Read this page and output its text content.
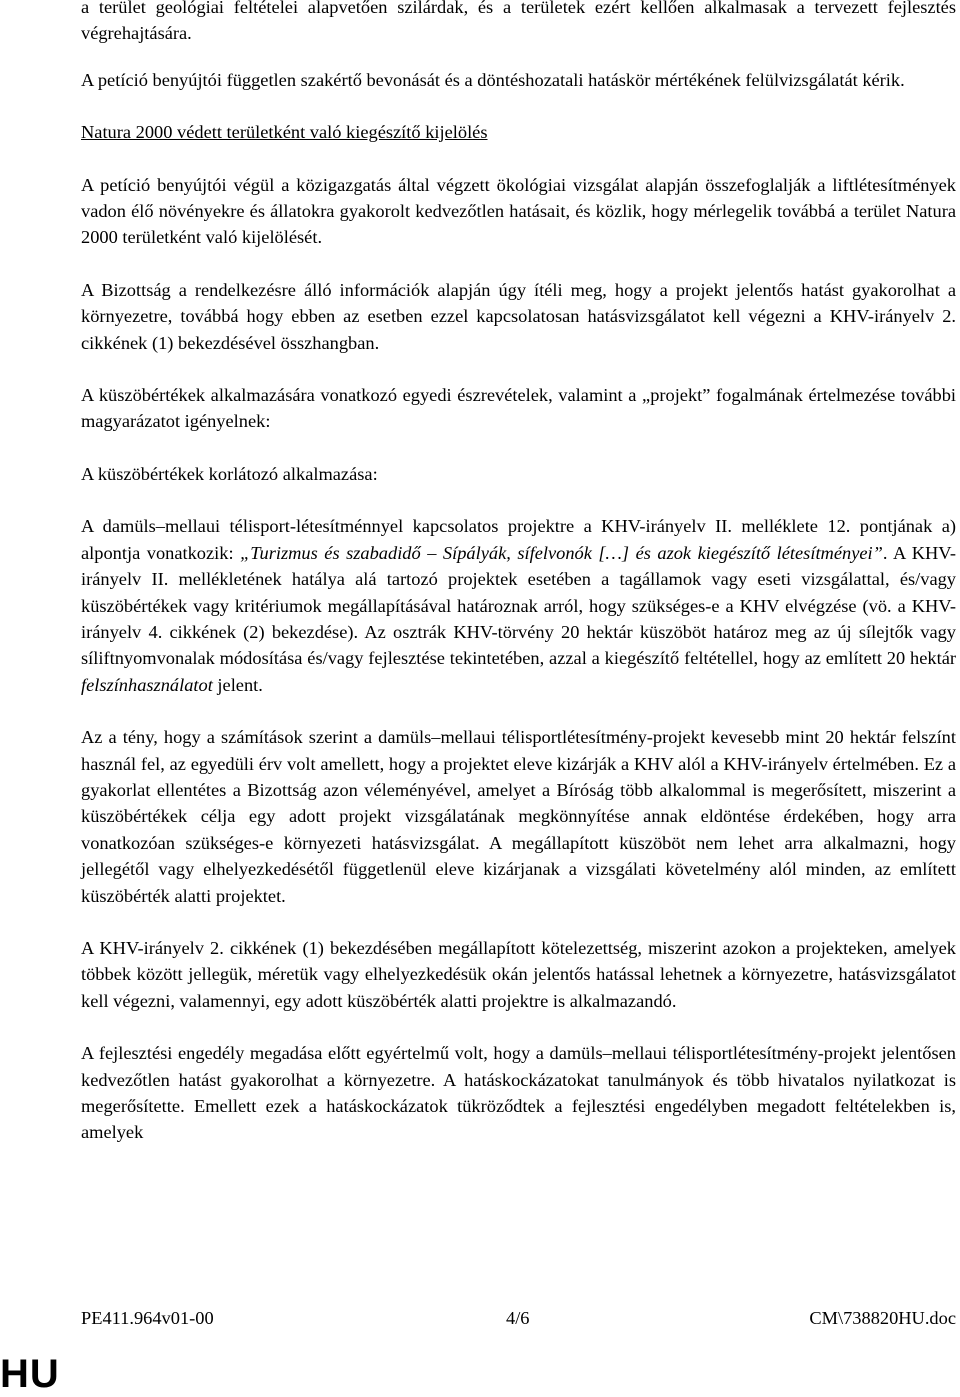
a terület geológiai feltételei alapvetően szilárdak, és a területek ezért kellően alkalmasak a tervezett fejlesztés végrehajtására.

A petíció benyújtói független szakértő bevonását és a döntéshozatali hatáskör mértékének felülvizsgálatát kérik.

Natura 2000 védett területként való kiegészítő kijelölés

A petíció benyújtói végül a közigazgatás által végzett ökológiai vizsgálat alapján összefoglalják a liftlétesítmények vadon élő növényekre és állatokra gyakorolt kedvezőtlen hatásait, és közlik, hogy mérlegelik továbbá a terület Natura 2000 területként való kijelölését.

A Bizottság a rendelkezésre álló információk alapján úgy ítéli meg, hogy a projekt jelentős hatást gyakorolhat a környezetre, továbbá hogy ebben az esetben ezzel kapcsolatosan hatásvizsgálatot kell végezni a KHV-irányelv 2. cikkének (1) bekezdésével összhangban.

A küszöbértékek alkalmazására vonatkozó egyedi észrevételek, valamint a „projekt” fogalmának értelmezése további magyarázatot igényelnek:

A küszöbértékek korlátozó alkalmazása:

A damüls–mellaui télisport-létesítménnyel kapcsolatos projektre a KHV-irányelv II. melléklete 12. pontjának a) alpontja vonatkozik: „Turizmus és szabadidő – Sípályák, sífelvonók […] és azok kiegészítő létesítményei”. A KHV-irányelv II. mellékletének hatálya alá tartozó projektek esetében a tagállamok vagy eseti vizsgálattal, és/vagy küszöbértékek vagy kritériumok megállapításával határoznak arról, hogy szükséges-e a KHV elvégzése (vö. a KHV-irányelv 4. cikkének (2) bekezdése). Az osztrák KHV-törvény 20 hektár küszöböt határoz meg az új sílejtők vagy síliftnyomvonalak módosítása és/vagy fejlesztése tekintetében, azzal a kiegészítő feltétellel, hogy az említett 20 hektár felszínhasználatot jelent.

Az a tény, hogy a számítások szerint a damüls–mellaui télisportlétesítmény-projekt kevesebb mint 20 hektár felszínt használ fel, az egyedüli érv volt amellett, hogy a projektet eleve kizárják a KHV alól a KHV-irányelv értelmében. Ez a gyakorlat ellentétes a Bizottság azon véleményével, amelyet a Bíróság több alkalommal is megerősített, miszerint a küszöbértékek célja egy adott projekt vizsgálatának megkönnyítése annak eldöntése érdekében, hogy arra vonatkozóan szükséges-e környezeti hatásvizsgálat. A megállapított küszöböt nem lehet arra alkalmazni, hogy jellegétől vagy elhelyezkedésétől függetlenül eleve kizárjanak a vizsgálati követelmény alól minden, az említett küszöbérték alatti projektet.

A KHV-irányelv 2. cikkének (1) bekezdésében megállapított kötelezettség, miszerint azokon a projekteken, amelyek többek között jellegük, méretük vagy elhelyezkedésük okán jelentős hatással lehetnek a környezetre, hatásvizsgálatot kell végezni, valamennyi, egy adott küszöbérték alatti projektre is alkalmazandó.

A fejlesztési engedély megadása előtt egyértelmű volt, hogy a damüls–mellaui télisportlétesítmény-projekt jelentősen kedvezőtlen hatást gyakorolhat a környezetre. A hatáskockázatokat tanulmányok és több hivatalos nyilatkozat is megerősítette. Emellett ezek a hatáskockázatok tükröződtek a fejlesztési engedélyben megadott feltételekben is, amelyek

PE411.964v01-00	4/6	CM\738820HU.doc
HU
